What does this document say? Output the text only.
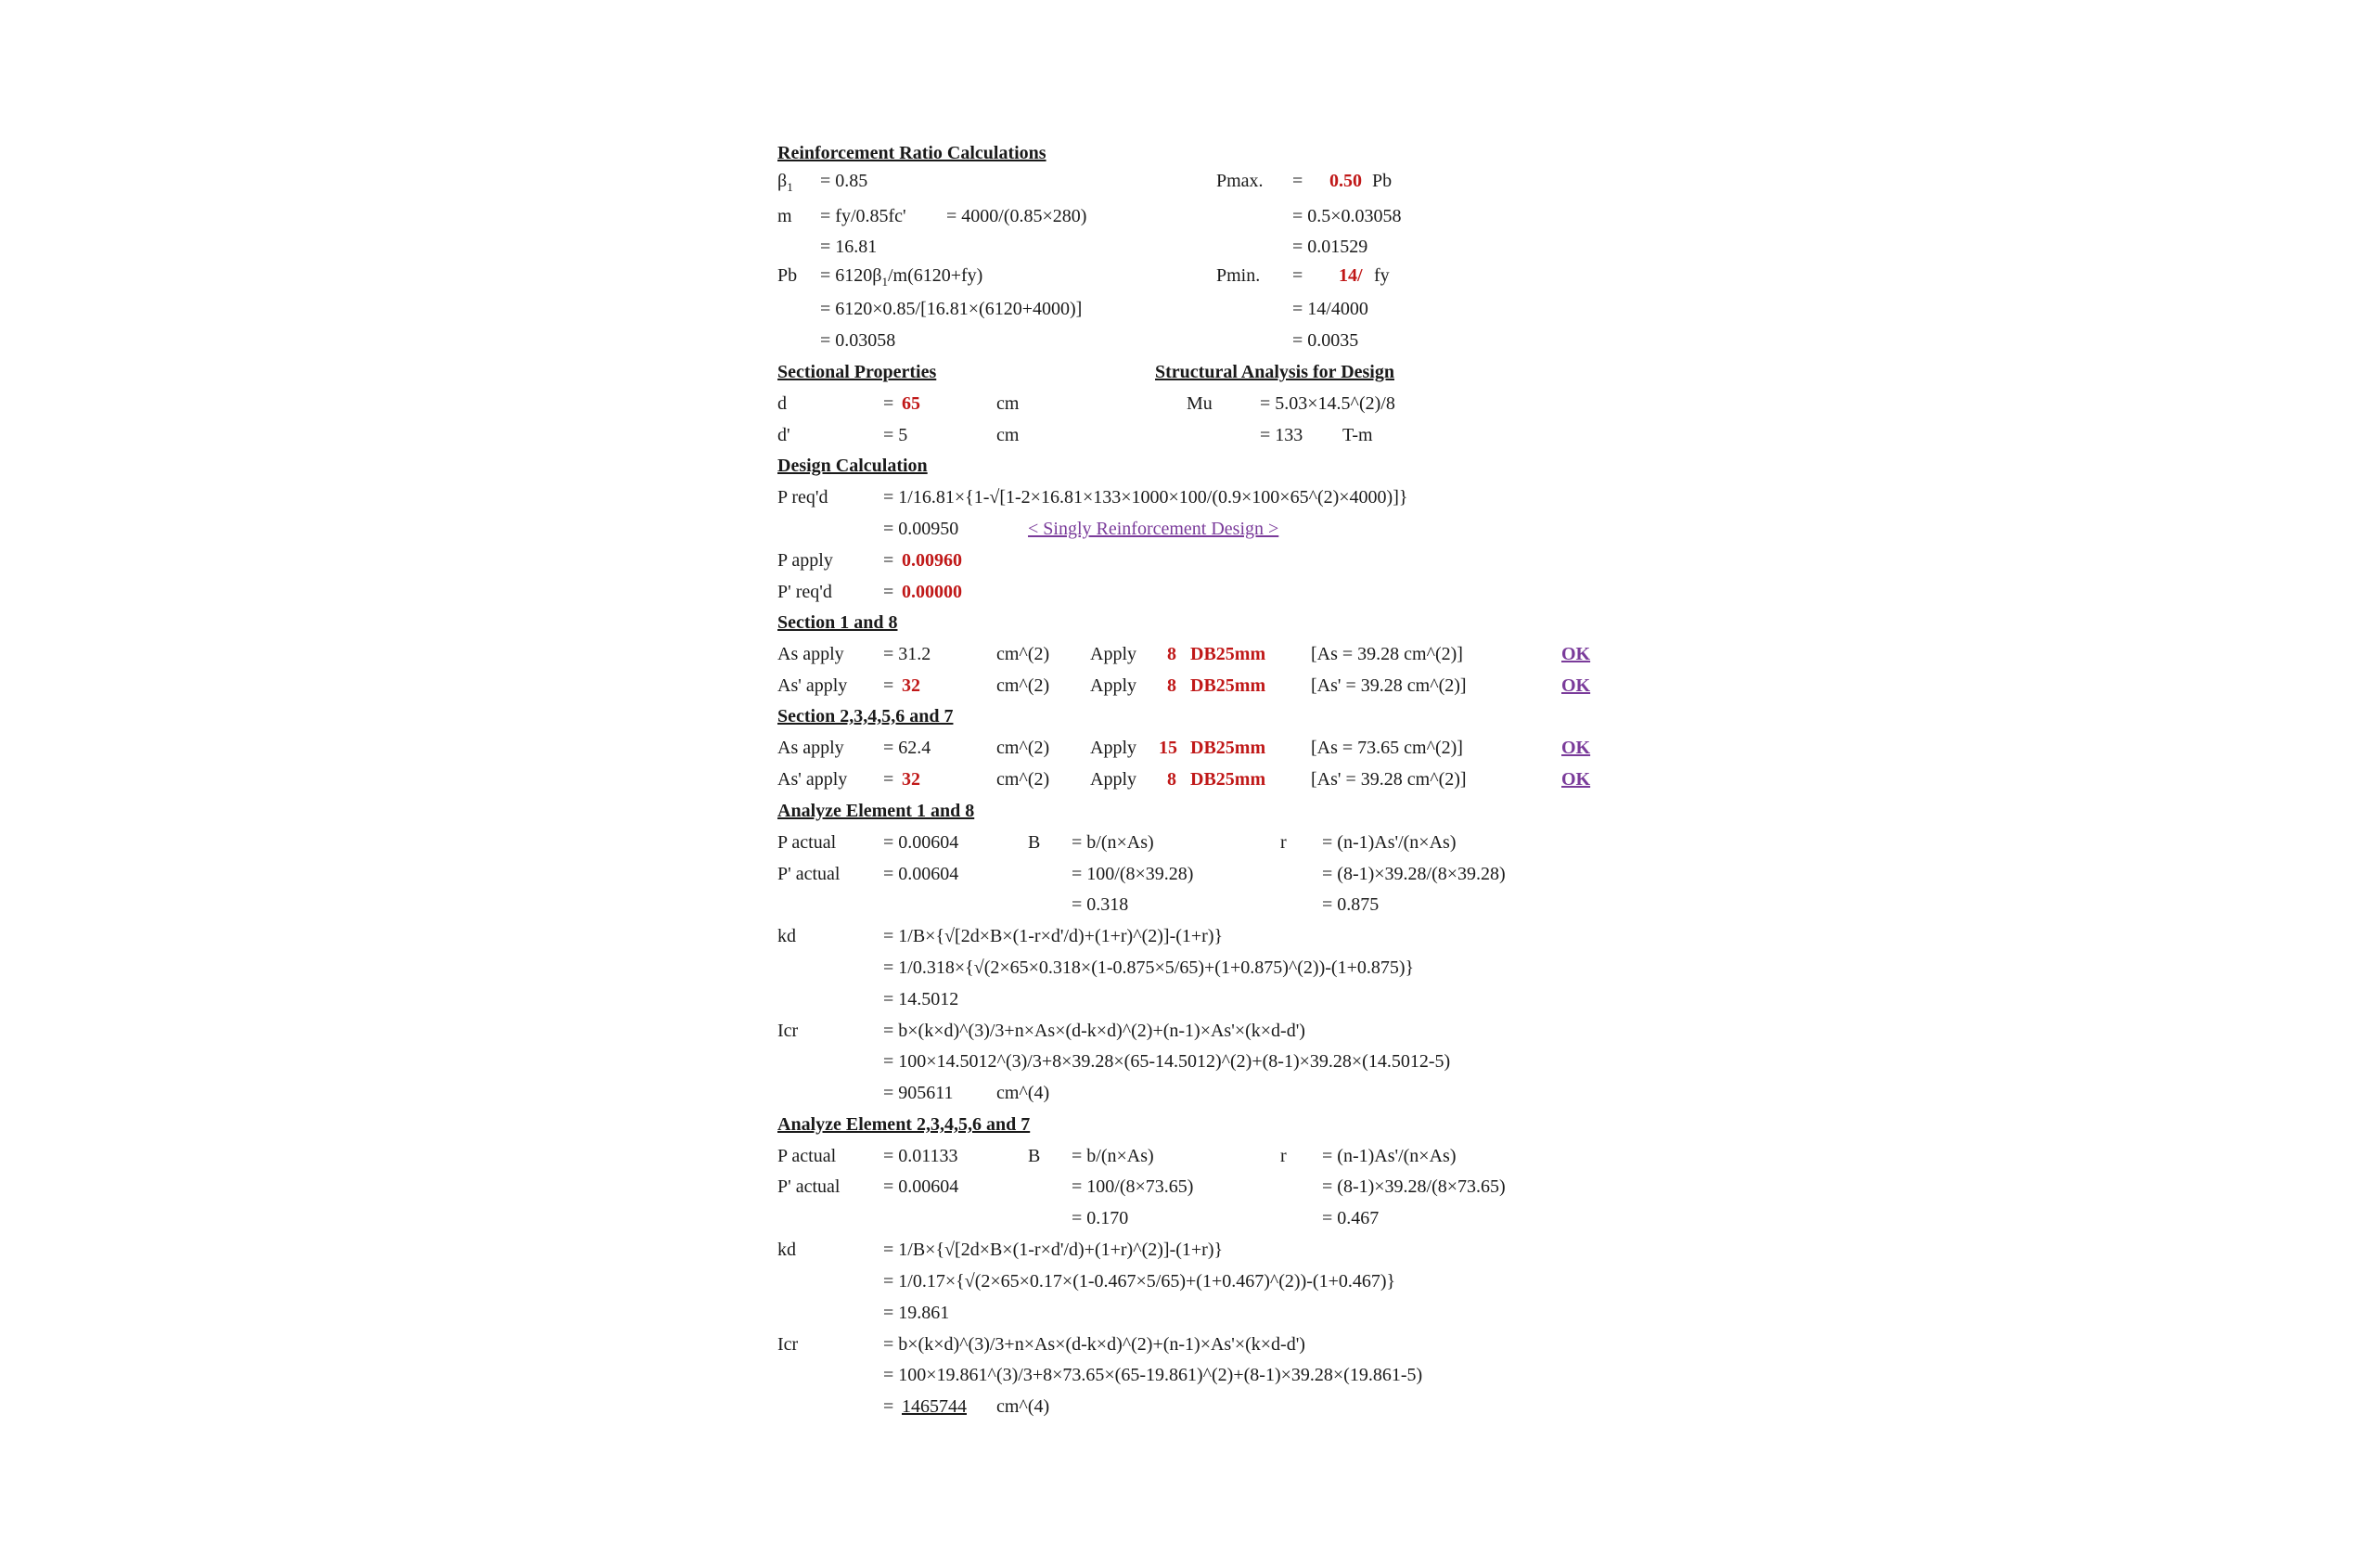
Reinforcement Ratio Calculations
$\beta_1 = 0.85$
m = fy/0.85fc' = 4000/(0.85×280)
= 16.81
$Pb = 6120\beta_1/m(6120+fy)$
= 6120×0.85/[16.81×(6120+4000)]
= 0.03058
Pmax. = 0.50 Pb
= 0.5×0.03058
= 0.01529
Pmin. = 14/ fy
= 14/4000
= 0.0035
Sectional Properties
d	= 65	cm
d'	= 5	cm
Structural Analysis for Design
Mu	= 5.03×14.5^(2)/8
= 133 T-m
Design Calculation
P req'd	= 1/16.81×{1-√[1-2×16.81×133×1000×100/(0.9×100×65^(2)×4000)]}
= 0.00950	< Singly Reinforcement Design >
P apply	= 0.00960
P' req'd	= 0.00000
Section 1 and 8
As apply = 31.2	cm^(2) Apply 8 DB25mm [As = 39.28 cm^(2)]	OK
As' apply = 32	cm^(2) Apply 8 DB25mm [As' = 39.28 cm^(2)]	OK
Section 2,3,4,5,6 and 7
As apply = 62.4	cm^(2) Apply 15 DB25mm [As = 73.65 cm^(2)]	OK
As' apply = 32	cm^(2) Apply 8 DB25mm [As' = 39.28 cm^(2)]	OK
Analyze Element 1 and 8
P actual	= 0.00604	B = b/(n×As)	r = (n-1)As'/(n×As)
P' actual = 0.00604	= 100/(8×39.28)	= (8-1)×39.28/(8×39.28)
= 0.318	= 0.875
kd	= 1/B×{√[2d×B×(1-r×d'/d)+(1+r)^(2)]-(1+r)}
= 1/0.318×{√(2×65×0.318×(1-0.875×5/65)+(1+0.875)^(2))-(1+0.875)}
= 14.5012
Icr	= b×(k×d)^(3)/3+n×As×(d-k×d)^(2)+(n-1)×As'×(k×d-d')
= 100×14.5012^(3)/3+8×39.28×(65-14.5012)^(2)+(8-1)×39.28×(14.5012-5)
= 905611 cm^(4)
Analyze Element 2,3,4,5,6 and 7
P actual	= 0.01133	B = b/(n×As)	r = (n-1)As'/(n×As)
P' actual = 0.00604	= 100/(8×73.65)	= (8-1)×39.28/(8×73.65)
= 0.170	= 0.467
kd	= 1/B×{√[2d×B×(1-r×d'/d)+(1+r)^(2)]-(1+r)}
= 1/0.17×{√(2×65×0.17×(1-0.467×5/65)+(1+0.467)^(2))-(1+0.467)}
= 19.861
Icr	= b×(k×d)^(3)/3+n×As×(d-k×d)^(2)+(n-1)×As'×(k×d-d')
= 100×19.861^(3)/3+8×73.65×(65-19.861)^(2)+(8-1)×39.28×(19.861-5)
= 1465744 cm^(4)
